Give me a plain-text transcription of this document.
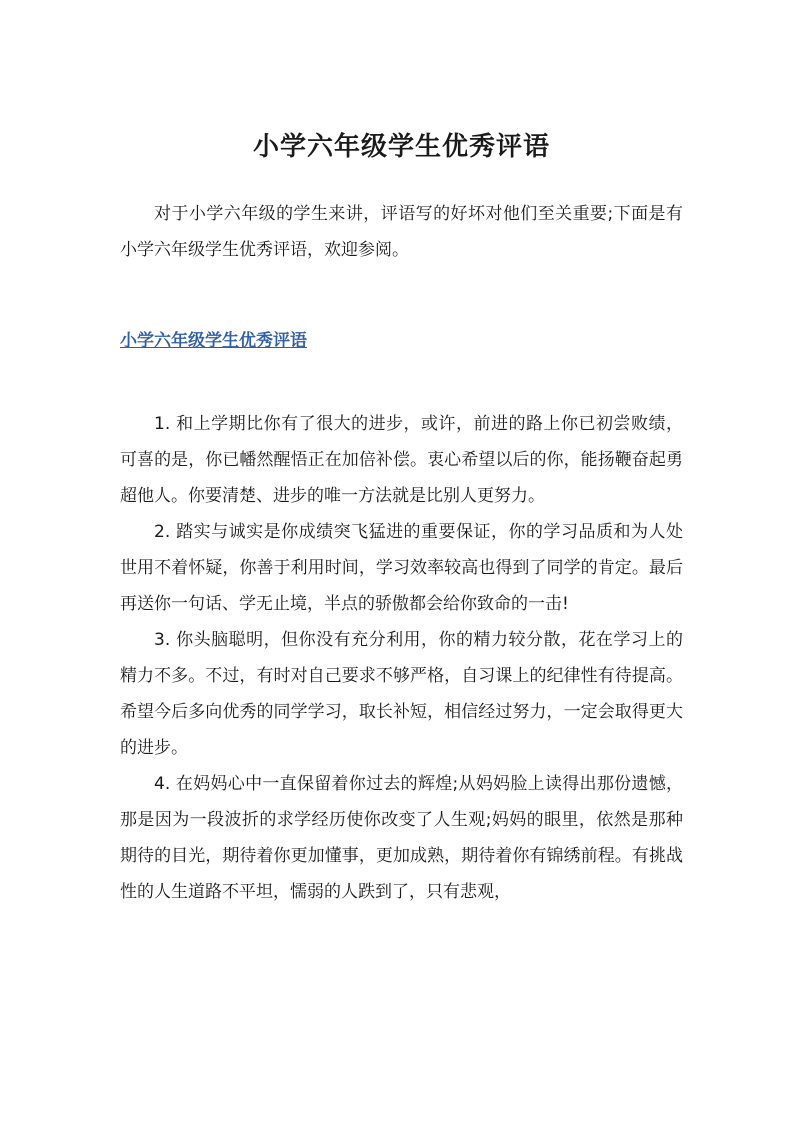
小学六年级学生优秀评语

对于小学六年级的学生来讲，评语写的好坏对他们至关重要;下面是有小学六年级学生优秀评语，欢迎参阅。

小学六年级学生优秀评语

1. 和上学期比你有了很大的进步，或许，前进的路上你已初尝败绩，可喜的是，你已幡然醒悟正在加倍补偿。衷心希望以后的你，能扬鞭奋起勇超他人。你要清楚、进步的唯一方法就是比别人更努力。

2. 踏实与诚实是你成绩突飞猛进的重要保证，你的学习品质和为人处世用不着怀疑，你善于利用时间，学习效率较高也得到了同学的肯定。最后再送你一句话、学无止境，半点的骄傲都会给你致命的一击!

3. 你头脑聪明，但你没有充分利用，你的精力较分散，花在学习上的精力不多。不过，有时对自己要求不够严格，自习课上的纪律性有待提高。希望今后多向优秀的同学学习，取长补短，相信经过努力，一定会取得更大的进步。

4. 在妈妈心中一直保留着你过去的辉煌;从妈妈脸上读得出那份遗憾，那是因为一段波折的求学经历使你改变了人生观;妈妈的眼里，依然是那种期待的目光，期待着你更加懂事，更加成熟，期待着你有锦绣前程。有挑战性的人生道路不平坦，懦弱的人跌到了，只有悲观，
